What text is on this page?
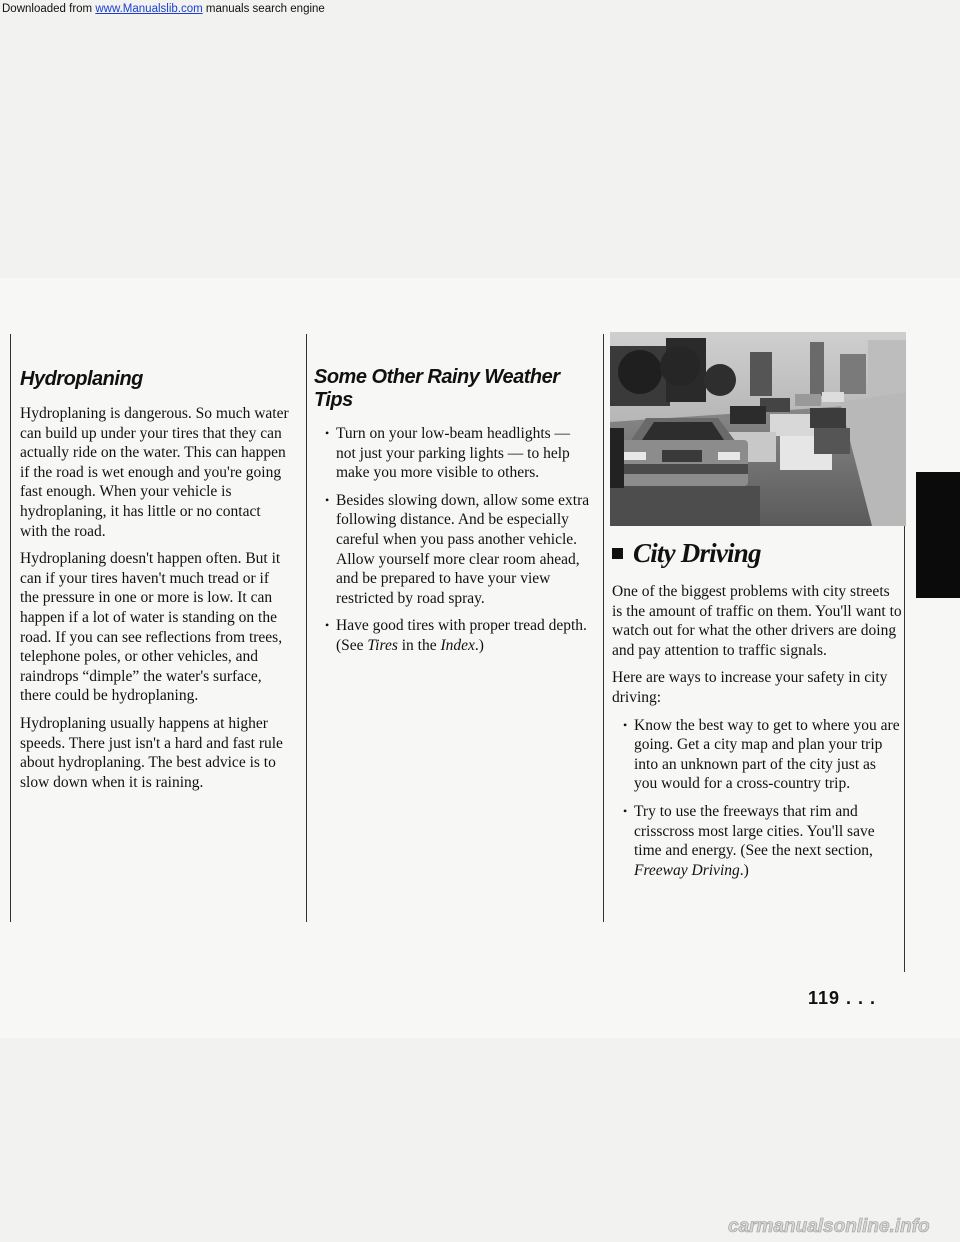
Downloaded from www.Manualslib.com manuals search engine
Hydroplaning

Hydroplaning is dangerous. So much water can build up under your tires that they can actually ride on the water. This can happen if the road is wet enough and you're going fast enough. When your vehicle is hydroplaning, it has little or no contact with the road.

Hydroplaning doesn't happen often. But it can if your tires haven't much tread or if the pressure in one or more is low. It can happen if a lot of water is standing on the road. If you can see reflections from trees, telephone poles, or other vehicles, and raindrops “dimple” the water's surface, there could be hydroplaning.

Hydroplaning usually happens at higher speeds. There just isn't a hard and fast rule about hydroplaning. The best advice is to slow down when it is raining.

Some Other Rainy Weather Tips
• Turn on your low-beam headlights — not just your parking lights — to help make you more visible to others.
• Besides slowing down, allow some extra following distance. And be especially careful when you pass another vehicle. Allow yourself more clear room ahead, and be prepared to have your view restricted by road spray.
• Have good tires with proper tread depth. (See Tires in the Index.)
City Driving

One of the biggest problems with city streets is the amount of traffic on them. You'll want to watch out for what the other drivers are doing and pay attention to traffic signals.

Here are ways to increase your safety in city driving:

• Know the best way to get to where you are going. Get a city map and plan your trip into an unknown part of the city just as you would for a cross-country trip.
• Try to use the freeways that rim and crisscross most large cities. You'll save time and energy. (See the next section, Freeway Driving.)
119 . . .
carmanualsonline.info
